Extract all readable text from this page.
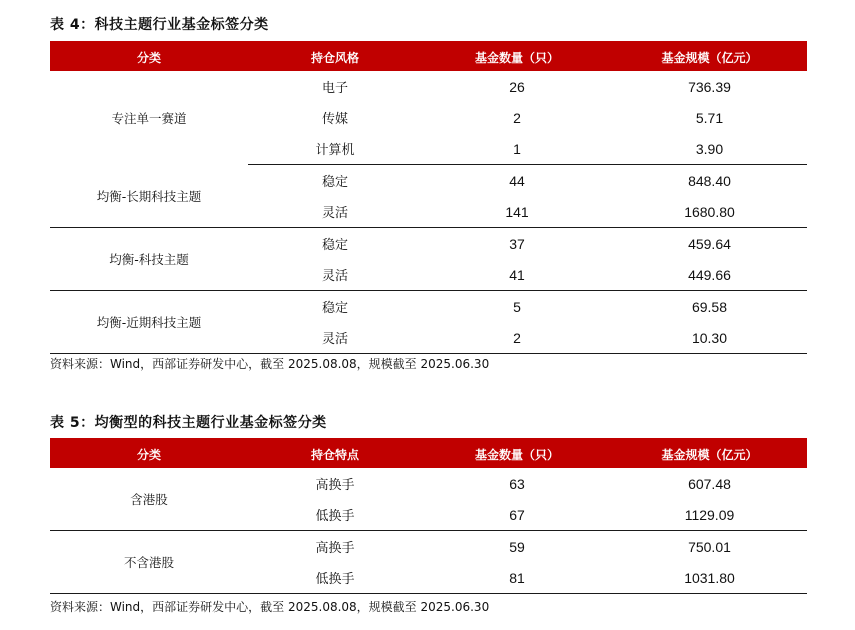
表 4：科技主题行业基金标签分类
分类	持仓风格	基金数量（只）	基金规模（亿元）
专注单一赛道	电子	26	736.39
	传媒	2	5.71
	计算机	1	3.90
均衡-长期科技主题	稳定	44	848.40
	灵活	141	1680.80
均衡-科技主题	稳定	37	459.64
	灵活	41	449.66
均衡-近期科技主题	稳定	5	69.58
	灵活	2	10.30
资料来源：Wind，西部证券研发中心，截至 2025.08.08，规模截至 2025.06.30
表 5：均衡型的科技主题行业基金标签分类
分类	持仓特点	基金数量（只）	基金规模（亿元）
含港股	高换手	63	607.48
	低换手	67	1129.09
不含港股	高换手	59	750.01
	低换手	81	1031.80
资料来源：Wind，西部证券研发中心，截至 2025.08.08，规模截至 2025.06.30
